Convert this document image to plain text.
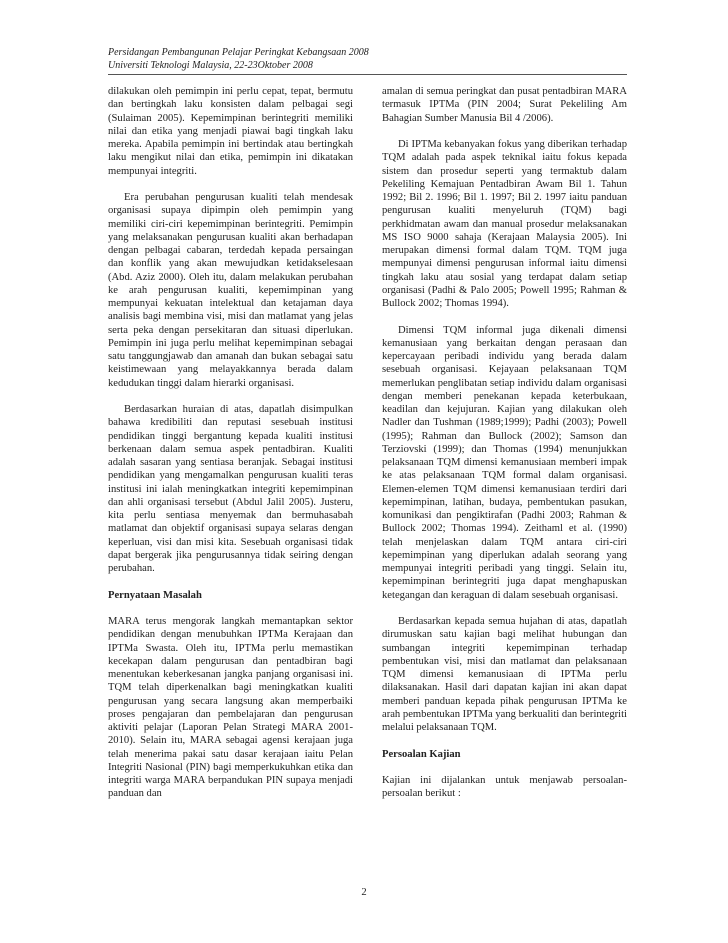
Persidangan Pembangunan Pelajar Peringkat Kebangsaan 2008
Universiti Teknologi Malaysia, 22-23Oktober 2008

dilakukan oleh pemimpin ini perlu cepat, tepat, bermutu dan bertingkah laku konsisten dalam pelbagai segi (Sulaiman 2005). Kepemimpinan berintegriti memiliki nilai dan etika yang menjadi piawai bagi tingkah laku mereka. Apabila pemimpin ini bertindak atau bertingkah laku mengikut nilai dan etika, pemimpin ini dikatakan mempunyai integriti.

Era perubahan pengurusan kualiti telah mendesak organisasi supaya dipimpin oleh pemimpin yang memiliki ciri-ciri kepemimpinan berintegriti. Pemimpin yang melaksanakan pengurusan kualiti akan berhadapan dengan pelbagai cabaran, terdedah kepada persaingan dan konflik yang akan mewujudkan ketidakselesaan (Abd. Aziz 2000). Oleh itu, dalam melakukan perubahan ke arah pengurusan kualiti, kepemimpinan yang mempunyai kekuatan intelektual dan ketajaman daya analisis bagi membina visi, misi dan matlamat yang jelas serta peka dengan persekitaran dan situasi diperlukan. Pemimpin ini juga perlu melihat kepemimpinan sebagai satu tanggungjawab dan amanah dan bukan sebagai satu keistimewaan yang melayakkannya berada dalam kedudukan tinggi dalam hierarki organisasi.

Berdasarkan huraian di atas, dapatlah disimpulkan bahawa kredibiliti dan reputasi sesebuah institusi pendidikan tinggi bergantung kepada kualiti institusi berkenaan dalam semua aspek pentadbiran. Kualiti adalah sasaran yang sentiasa beranjak. Sebagai institusi pendidikan yang mengamalkan pengurusan kualiti teras institusi ini ialah meningkatkan integriti kepemimpinan dan ahli organisasi tersebut (Abdul Jalil 2005). Justeru, kita perlu sentiasa menyemak dan bermuhasabah matlamat dan objektif organisasi supaya selaras dengan keperluan, visi dan misi kita. Sesebuah organisasi tidak dapat bergerak jika pengurusannya tidak seiring dengan perubahan.

Pernyataan Masalah

MARA terus mengorak langkah memantapkan sektor pendidikan dengan menubuhkan IPTMa Kerajaan dan IPTMa Swasta. Oleh itu, IPTMa perlu memastikan kecekapan dalam pengurusan dan pentadbiran bagi menentukan keberkesanan jangka panjang organisasi ini. TQM telah diperkenalkan bagi meningkatkan kualiti pengurusan yang secara langsung akan memperbaiki proses pengajaran dan pembelajaran dan pengurusan aktiviti pelajar (Laporan Pelan Strategi MARA 2001-2010). Selain itu, MARA sebagai agensi kerajaan juga telah menerima pakai satu dasar kerajaan iaitu Pelan Integriti Nasional (PIN) bagi memperkukuhkan etika dan integriti warga MARA berpandukan PIN supaya menjadi panduan dan

amalan di semua peringkat dan pusat pentadbiran MARA termasuk IPTMa (PIN 2004; Surat Pekeliling Am Bahagian Sumber Manusia Bil 4 /2006).

Di IPTMa kebanyakan fokus yang diberikan terhadap TQM adalah pada aspek teknikal iaitu fokus kepada sistem dan prosedur seperti yang termaktub dalam Pekeliling Kemajuan Pentadbiran Awam Bil 1. Tahun 1992; Bil 2. 1996; Bil 1. 1997; Bil 2. 1997 iaitu panduan pengurusan kualiti menyeluruh (TQM) bagi perkhidmatan awam dan manual prosedur melaksanakan MS ISO 9000 sahaja (Kerajaan Malaysia 2005). Ini merupakan dimensi formal dalam TQM. TQM juga mempunyai dimensi pengurusan informal iaitu dimensi tingkah laku atau sosial yang terdapat dalam setiap organisasi (Padhi & Palo 2005; Powell 1995; Rahman & Bullock 2002; Thomas 1994).

Dimensi TQM informal juga dikenali dimensi kemanusiaan yang berkaitan dengan perasaan dan kepercayaan peribadi individu yang berada dalam sesebuah organisasi. Kejayaan pelaksanaan TQM memerlukan penglibatan setiap individu dalam organisasi dengan memberi penekanan kepada keterbukaan, keadilan dan kejujuran. Kajian yang dilakukan oleh Nadler dan Tushman (1989;1999); Padhi (2003); Powell (1995); Rahman dan Bullock (2002); Samson dan Terziovski (1999); dan Thomas (1994) menunjukkan pelaksanaan TQM dimensi kemanusiaan memberi impak ke atas pelaksanaan TQM formal dalam organisasi. Elemen-elemen TQM dimensi kemanusiaan terdiri dari kepemimpinan, latihan, budaya, pembentukan pasukan, komunikasi dan pengiktirafan (Padhi 2003; Rahman & Bullock 2002; Thomas 1994). Zeithaml et al. (1990) telah menjelaskan dalam TQM antara ciri-ciri kepemimpinan yang diperlukan adalah seorang yang mempunyai integriti peribadi yang tinggi. Selain itu, kepemimpinan berintegriti juga dapat menghapuskan ketegangan dan keraguan di dalam sesebuah organisasi.

Berdasarkan kepada semua hujahan di atas, dapatlah dirumuskan satu kajian bagi melihat hubungan dan sumbangan integriti kepemimpinan terhadap pembentukan visi, misi dan matlamat dan pelaksanaan TQM dimensi kemanusiaan di IPTMa perlu dilaksanakan. Hasil dari dapatan kajian ini akan dapat memberi panduan kepada pihak pengurusan IPTMa ke arah pembentukan IPTMa yang berkualiti dan berintegriti melalui pelaksanaan TQM.

Persoalan Kajian

Kajian ini dijalankan untuk menjawab persoalan-persoalan berikut :

2
